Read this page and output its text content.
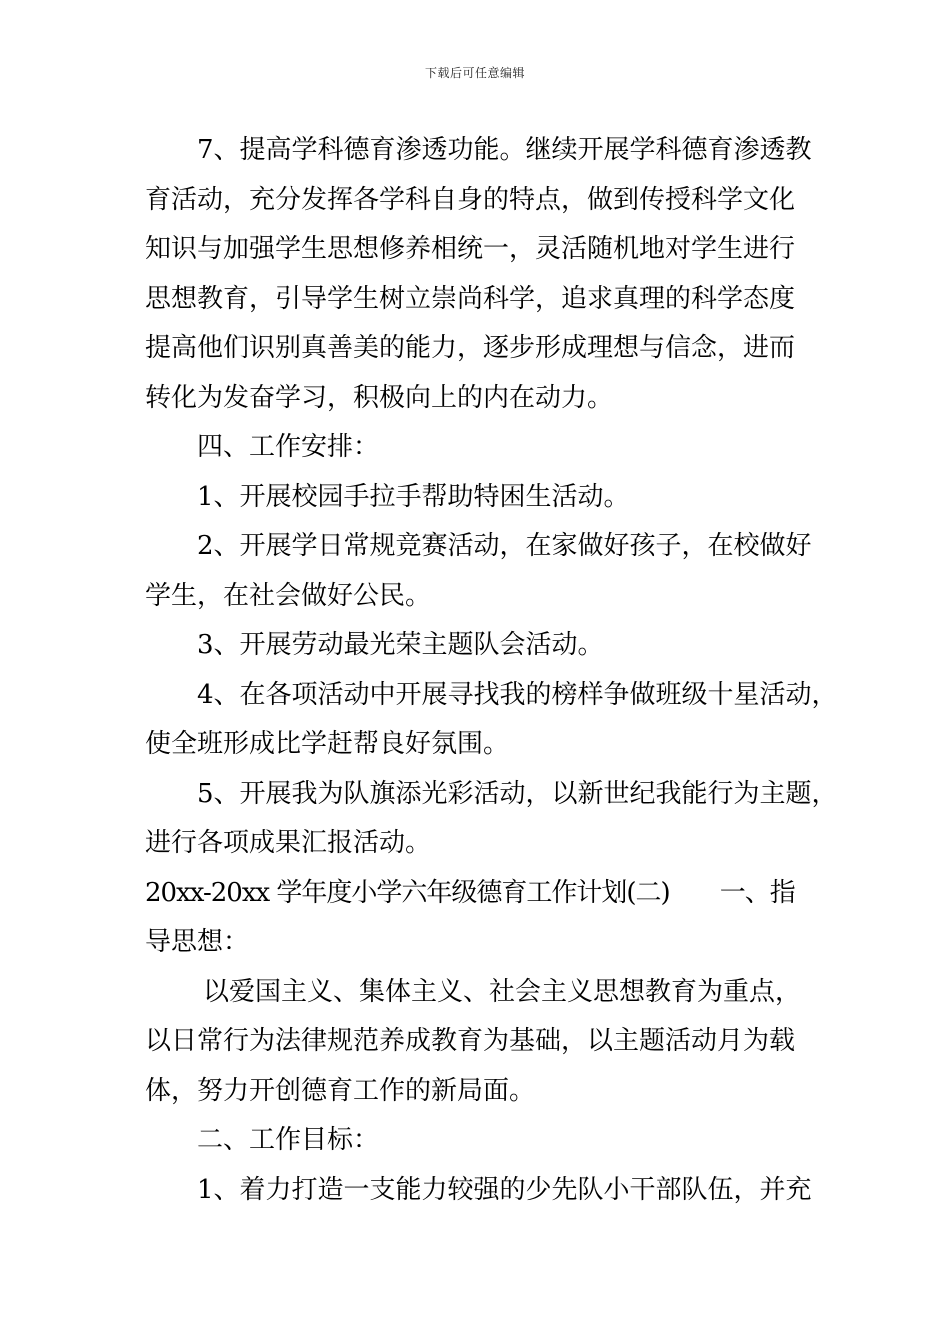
下载后可任意编辑
7、提高学科德育渗透功能。继续开展学科德育渗透教
育活动，充分发挥各学科自身的特点，做到传授科学文化
知识与加强学生思想修养相统一，灵活随机地对学生进行
思想教育，引导学生树立崇尚科学，追求真理的科学态度
提高他们识别真善美的能力，逐步形成理想与信念，进而
转化为发奋学习，积极向上的内在动力。
四、工作安排：
1、开展校园手拉手帮助特困生活动。
2、开展学日常规竞赛活动，在家做好孩子，在校做好
学生，在社会做好公民。
3、开展劳动最光荣主题队会活动。
4、在各项活动中开展寻找我的榜样争做班级十星活动，
使全班形成比学赶帮良好氛围。
5、开展我为队旗添光彩活动，以新世纪我能行为主题，
进行各项成果汇报活动。
20xx-20xx 学年度小学六年级德育工作计划(二)　　一、指
导思想：
以爱国主义、集体主义、社会主义思想教育为重点，
以日常行为法律规范养成教育为基础，以主题活动月为载
体，努力开创德育工作的新局面。
二、工作目标：
1、着力打造一支能力较强的少先队小干部队伍，并充
